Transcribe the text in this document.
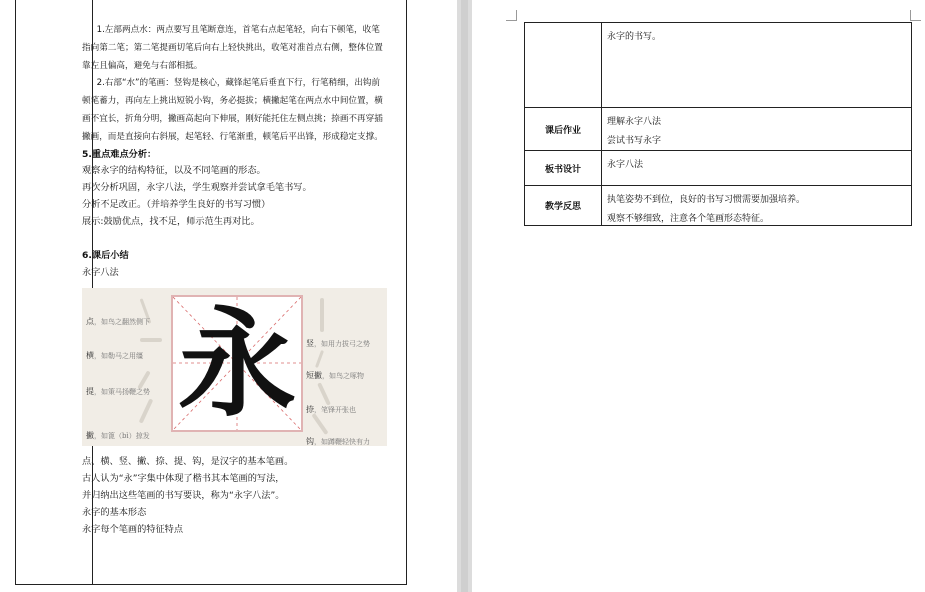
1.左部两点水：两点要写且笔断意连，首笔右点起笔轻，向右下顿笔，收笔指向第二笔；第二笔提画切笔后向右上轻快挑出，收笔对准首点右侧，整体位置靠左且偏高，避免与右部相抵。

2.右部“水”的笔画：竖钩是核心，藏锋起笔后垂直下行，行笔稍细，出钩前顿笔蓄力，再向左上挑出短锐小钩，务必挺拔；横撇起笔在两点水中间位置，横画不宜长，折角分明，撇画高起向下伸展，刚好能托住左侧点挑；捺画不再穿插撇画，而是直接向右斜展，起笔轻、行笔渐重，顿笔后平出锋，形成稳定支撑。

5.重点难点分析：

观察永字的结构特征，以及不同笔画的形态。

再次分析巩固，永字八法，学生观察并尝试拿毛笔书写。

分析不足改正。（并培养学生良好的书写习惯）

展示:鼓励优点，找不足，师示范生再对比。

6.课后小结

永字八法

点，如鸟之翻然侧下
横，如勒马之用缰
提，如策马扬鞭之势
撇，如篦（bì）掠发
竖，如用力拔弓之势
短撇，如鸟之啄物
捺，笔锋开张也
钩，如蹲鞭轻快有力
永

点、横、竖、撇、捺、提、钩，是汉字的基本笔画。

古人认为“永”字集中体现了楷书其本笔画的写法，

并归纳出这些笔画的书写要诀，称为“永字八法”。

永字的基本形态

永字每个笔画的特征特点

永字的书写。
课后作业
理解永字八法
尝试书写永字
板书设计	永字八法
教学反思
执笔姿势不到位，良好的书写习惯需要加强培养。
观察不够细致，注意各个笔画形态特征。
